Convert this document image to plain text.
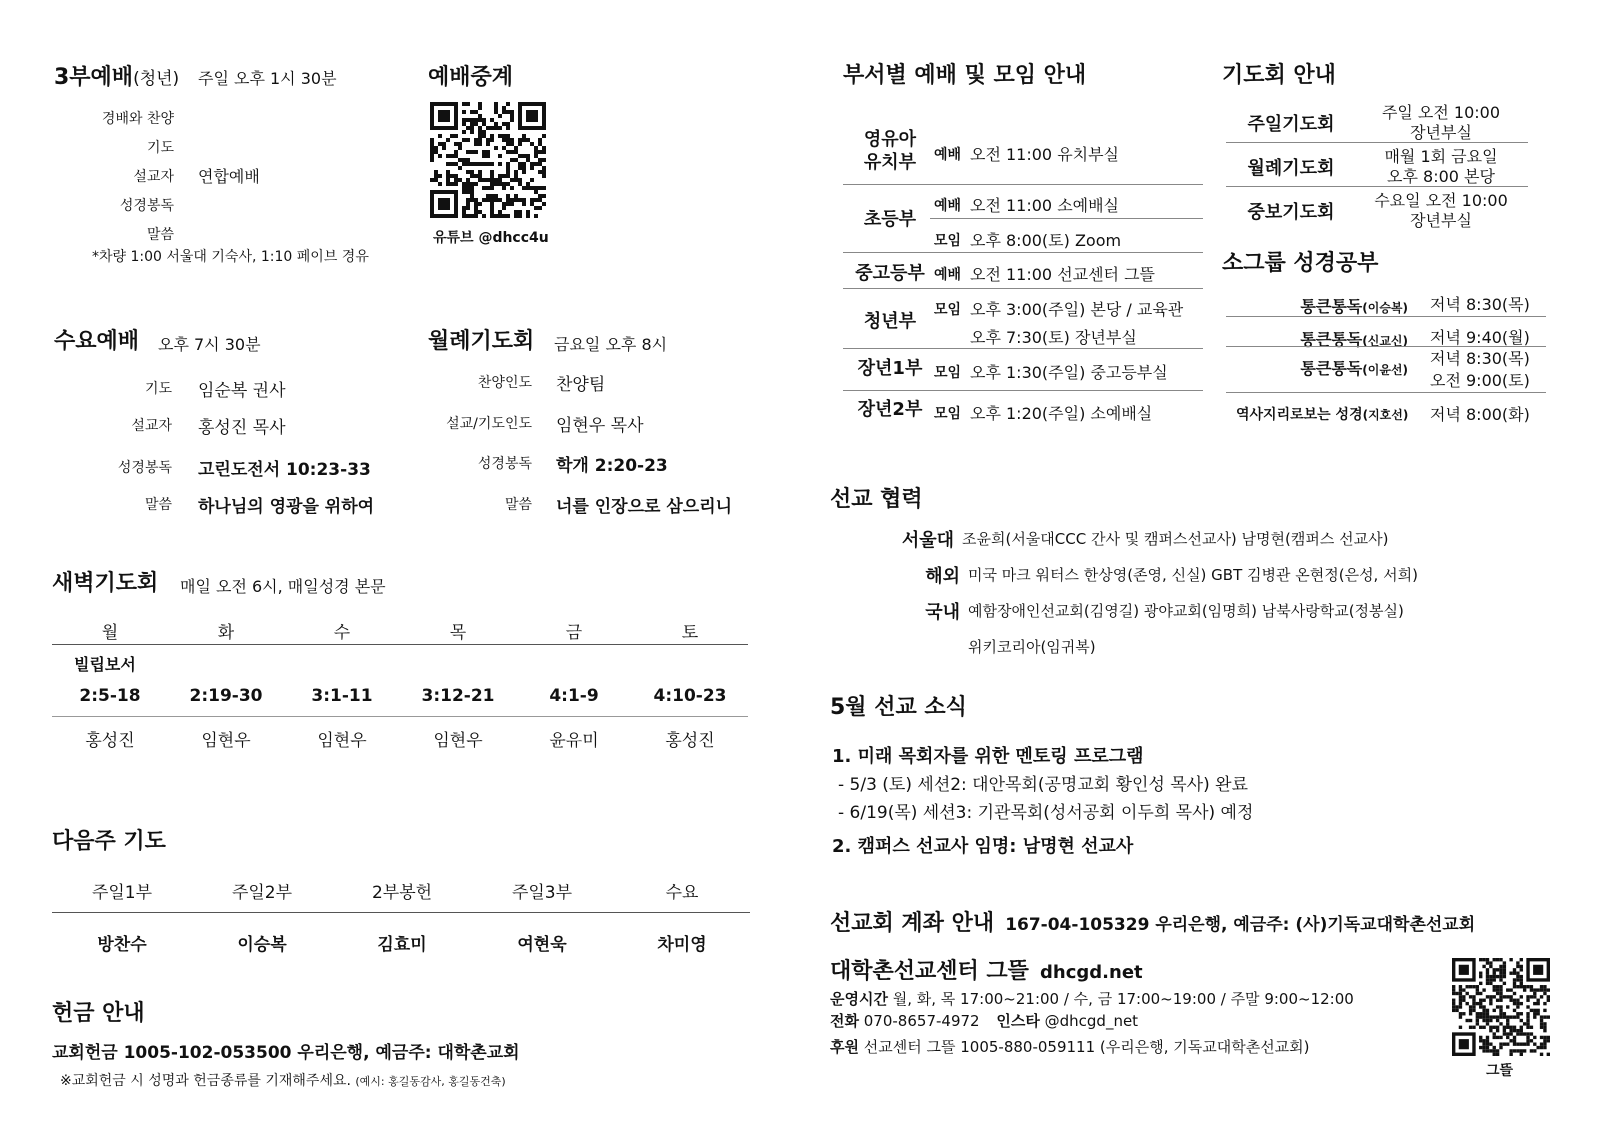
3부예배(청년) 주일 오후 1시 30분
경배와 찬양
기도
설교자 연합예배
성경봉독
말씀
*차량 1:00 서울대 기숙사, 1:10 페이브 경유
예배중계
유튜브 @dhcc4u
수요예배 오후 7시 30분
기도 임순복 권사
설교자 홍성진 목사
성경봉독 고린도전서 10:23-33
말씀 하나님의 영광을 위하여
월례기도회 금요일 오후 8시
찬양인도 찬양팀
설교/기도인도 임현우 목사
성경봉독 학개 2:20-23
말씀 너를 인장으로 삼으리니
새벽기도회 매일 오전 6시, 매일성경 본문
월
2:5-18
홍성진
화
2:19-30
임현우
수
3:1-11
임현우
목
3:12-21
임현우
금
4:1-9
윤유미
토
4:10-23
홍성진
빌립보서
다음주 기도
주일1부
방찬수
주일2부
이승복
2부봉헌
김효미
주일3부
여현욱
수요
차미영
헌금 안내
교회헌금 1005-102-053500 우리은행, 예금주: 대학촌교회
※교회헌금 시 성명과 헌금종류를 기재해주세요. (예시: 홍길동감사, 홍길동건축)
부서별 예배 및 모임 안내
영유아
유치부	예배 오전 11:00 유치부실
초등부
예배 오전 11:00 소예배실
모임 오후 8:00(토) Zoom
중고등부 예배 오전 11:00 선교센터 그뜰
청년부
모임 오후 3:00(주일) 본당 / 교육관
오후 7:30(토) 장년부실
장년1부 모임 오후 1:30(주일) 중고등부실
장년2부 모임 오후 1:20(주일) 소예배실
기도회 안내
주일기도회
주일 오전 10:00
장년부실
월례기도회
매월 1회 금요일
오후 8:00 본당
중보기도회
수요일 오전 10:00
장년부실
소그룹 성경공부
통큰통독(이승복) 저녁 8:30(목)
통큰통독(신교신) 저녁 9:40(월)
통큰통독(이윤선)
저녁 8:30(목)
오전 9:00(토)
역사지리로보는 성경(지호선) 저녁 8:00(화)
선교 협력
서울대 조윤희(서울대CCC 간사 및 캠퍼스선교사) 남명현(캠퍼스 선교사)
해외 미국 마크 워터스 한상영(존영, 신실) GBT 김병관 온현정(은성, 서희)
국내 예함장애인선교회(김영길) 광야교회(임명희) 남북사랑학교(정봉실)
위키코리아(임귀복)
5월 선교 소식
1. 미래 목회자를 위한 멘토링 프로그램
- 5/3 (토) 세션2: 대안목회(공명교회 황인성 목사) 완료
- 6/19(목) 세션3: 기관목회(성서공회 이두희 목사) 예정
2. 캠퍼스 선교사 임명: 남명현 선교사
선교회 계좌 안내 167-04-105329 우리은행, 예금주: (사)기독교대학촌선교회
대학촌선교센터 그뜰 dhcgd.net
운영시간 월, 화, 목 17:00~21:00 / 수, 금 17:00~19:00 / 주말 9:00~12:00
전화 070-8657-4972 인스타 @dhcgd_net
후원 선교센터 그뜰 1005-880-059111 (우리은행, 기독교대학촌선교회)
그뜰
